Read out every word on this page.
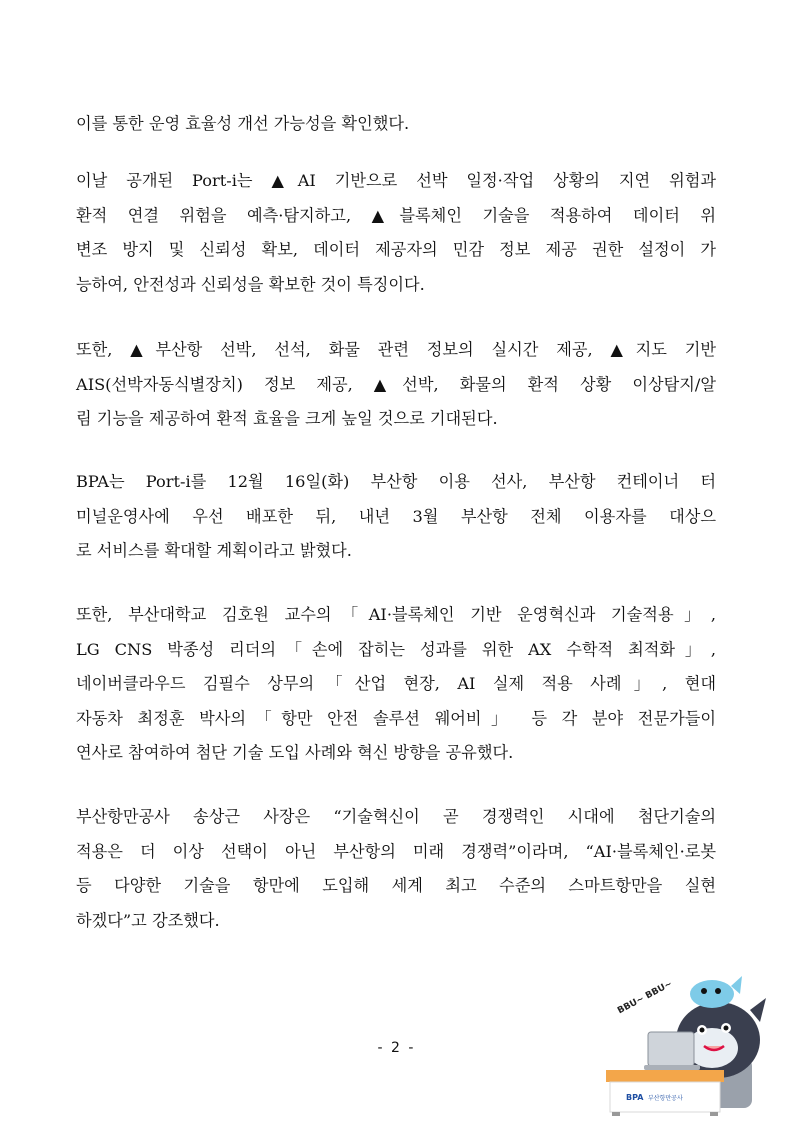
이를 통한 운영 효율성 개선 가능성을 확인했다.
이날 공개된 Port-i는 ▲AI 기반으로 선박 일정·작업 상황의 지연 위험과
환적 연결 위험을 예측·탐지하고, ▲블록체인 기술을 적용하여 데이터 위
변조 방지 및 신뢰성 확보, 데이터 제공자의 민감 정보 제공 권한 설정이 가
능하여, 안전성과 신뢰성을 확보한 것이 특징이다.
또한, ▲부산항 선박, 선석, 화물 관련 정보의 실시간 제공, ▲지도 기반
AIS(선박자동식별장치) 정보 제공, ▲선박, 화물의 환적 상황 이상탐지/알
림 기능을 제공하여 환적 효율을 크게 높일 것으로 기대된다.
BPA는 Port-i를 12월 16일(화) 부산항 이용 선사, 부산항 컨테이너 터
미널운영사에 우선 배포한 뒤, 내년 3월 부산항 전체 이용자를 대상으
로 서비스를 확대할 계획이라고 밝혔다.
또한, 부산대학교 김호원 교수의「AI·블록체인 기반 운영혁신과 기술적용」,
LG CNS 박종성 리더의「손에 잡히는 성과를 위한 AX 수학적 최적화」,
네이버클라우드 김필수 상무의「산업 현장, AI 실제 적용 사례」, 현대
자동차 최정훈 박사의「항만 안전 솔루션 웨어비」 등 각 분야 전문가들이
연사로 참여하여 첨단 기술 도입 사례와 혁신 방향을 공유했다.
부산항만공사 송상근 사장은 “기술혁신이 곧 경쟁력인 시대에 첨단기술의
적용은 더 이상 선택이 아닌 부산항의 미래 경쟁력”이라며, “AI·블록체인·로봇
등 다양한 기술을 항만에 도입해 세계 최고 수준의 스마트항만을 실현
하겠다”고 강조했다.
- 2 -
BBU~ BBU~
BPA 부산항만공사
